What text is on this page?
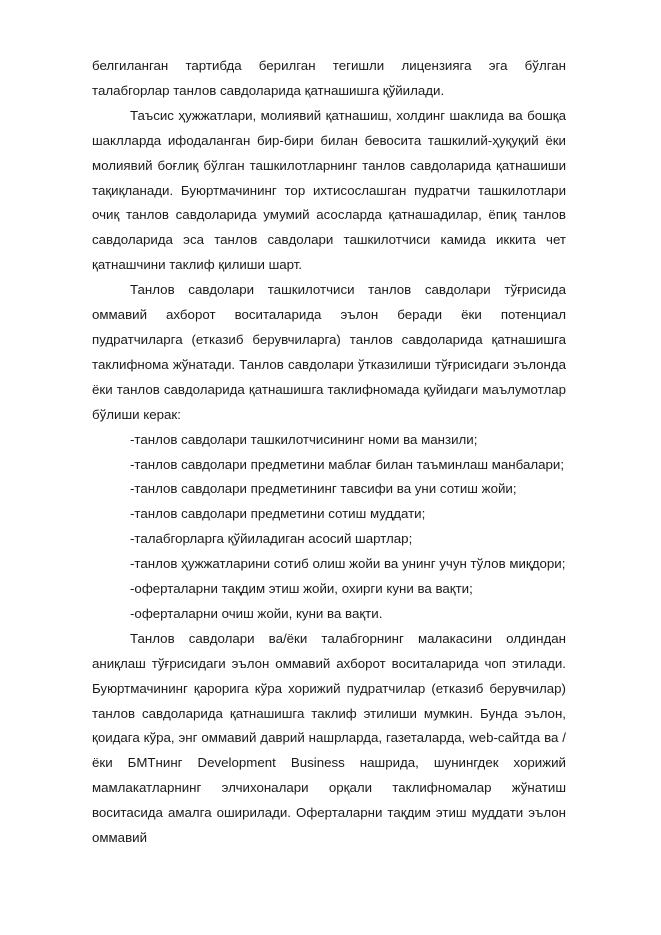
белгиланган тартибда берилган тегишли лицензияга эга бўлган талабгорлар танлов савдоларида қатнашишга қўйилади.

Таъсис ҳужжатлари, молиявий қатнашиш, холдинг шаклида ва бошқа шаклларда ифодаланган бир-бири билан бевосита ташкилий-ҳуқуқий ёки молиявий боғлиқ бўлган ташкилотларнинг танлов савдоларида қатнашиши тақиқланади. Буюртмачининг тор ихтисослашган пудратчи ташкилотлари очиқ танлов савдоларида умумий асосларда қатнашадилар, ёпиқ танлов савдоларида эса танлов савдолари ташкилотчиси камида иккита чет қатнашчини таклиф қилиши шарт.

Танлов савдолари ташкилотчиси танлов савдолари тўғрисида оммавий ахборот воситаларида эълон беради ёки потенциал пудратчиларга (етказиб берувчиларга) танлов савдоларида қатнашишга таклифнома жўнатади. Танлов савдолари ўтказилиши тўғрисидаги эълонда ёки танлов савдоларида қатнашишга таклифномада қуйидаги маълумотлар бўлиши керак:

-танлов савдолари ташкилотчисининг номи ва манзили;

-танлов савдолари предметини маблағ билан таъминлаш манбалари;

-танлов савдолари предметининг тавсифи ва уни сотиш жойи;

-танлов савдолари предметини сотиш муддати;

-талабгорларга қўйиладиган асосий шартлар;

-танлов ҳужжатларини сотиб олиш жойи ва унинг учун тўлов миқдори;

-оферталарни тақдим этиш жойи, охирги куни ва вақти;

-оферталарни очиш жойи, куни ва вақти.

Танлов савдолари ва/ёки талабгорнинг малакасини олдиндан аниқлаш тўғрисидаги эълон оммавий ахборот воситаларида чоп этилади. Буюртмачининг қарорига кўра хорижий пудратчилар (етказиб берувчилар) танлов савдоларида қатнашишга таклиф этилиши мумкин. Бунда эълон, қоидага кўра, энг оммавий даврий нашрларда, газеталарда, web-сайтда ва /ёки БМТнинг Development Business нашрида, шунингдек хорижий мамлакатларнинг элчихоналари орқали таклифномалар жўнатиш воситасида амалга оширилади. Оферталарни тақдим этиш муддати эълон оммавий
